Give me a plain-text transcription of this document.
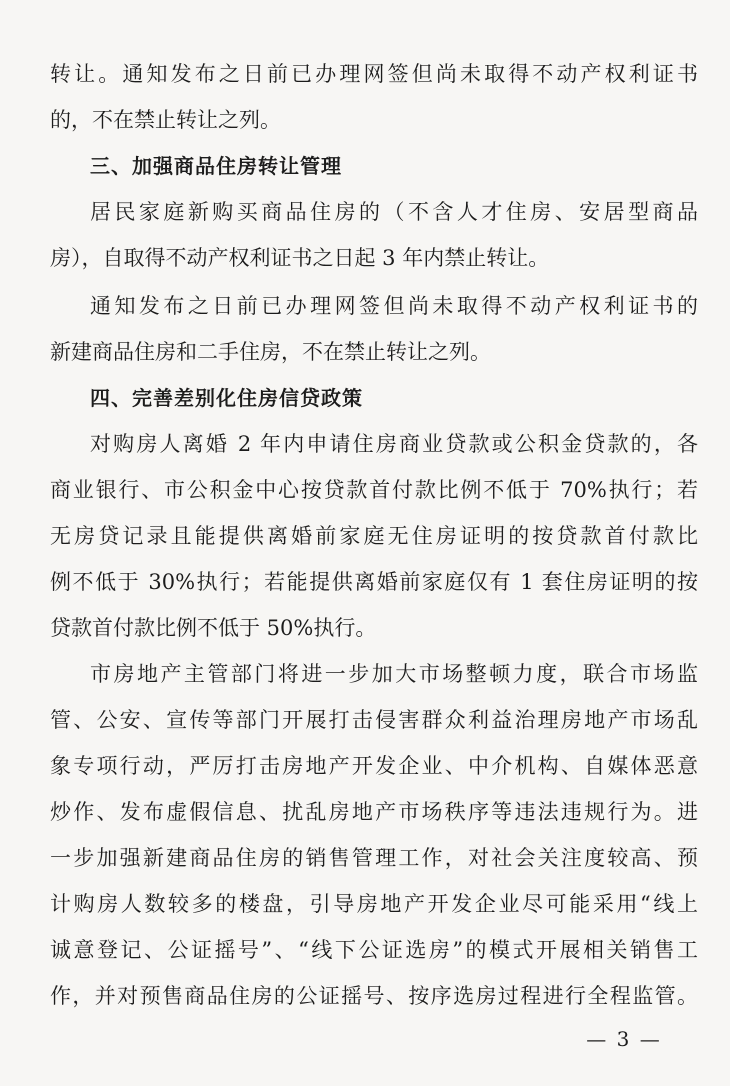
转让。通知发布之日前已办理网签但尚未取得不动产权利证书
的，不在禁止转让之列。
三、加强商品住房转让管理
居民家庭新购买商品住房的（不含人才住房、安居型商品
房），自取得不动产权利证书之日起 3 年内禁止转让。
通知发布之日前已办理网签但尚未取得不动产权利证书的
新建商品住房和二手住房，不在禁止转让之列。
四、完善差别化住房信贷政策
对购房人离婚 2 年内申请住房商业贷款或公积金贷款的，各
商业银行、市公积金中心按贷款首付款比例不低于 70%执行；若
无房贷记录且能提供离婚前家庭无住房证明的按贷款首付款比
例不低于 30%执行；若能提供离婚前家庭仅有 1 套住房证明的按
贷款首付款比例不低于 50%执行。
市房地产主管部门将进一步加大市场整顿力度，联合市场监
管、公安、宣传等部门开展打击侵害群众利益治理房地产市场乱
象专项行动，严厉打击房地产开发企业、中介机构、自媒体恶意
炒作、发布虚假信息、扰乱房地产市场秩序等违法违规行为。进
一步加强新建商品住房的销售管理工作，对社会关注度较高、预
计购房人数较多的楼盘，引导房地产开发企业尽可能采用“线上
诚意登记、公证摇号”、“线下公证选房”的模式开展相关销售工
作，并对预售商品住房的公证摇号、按序选房过程进行全程监管。
— 3 —
